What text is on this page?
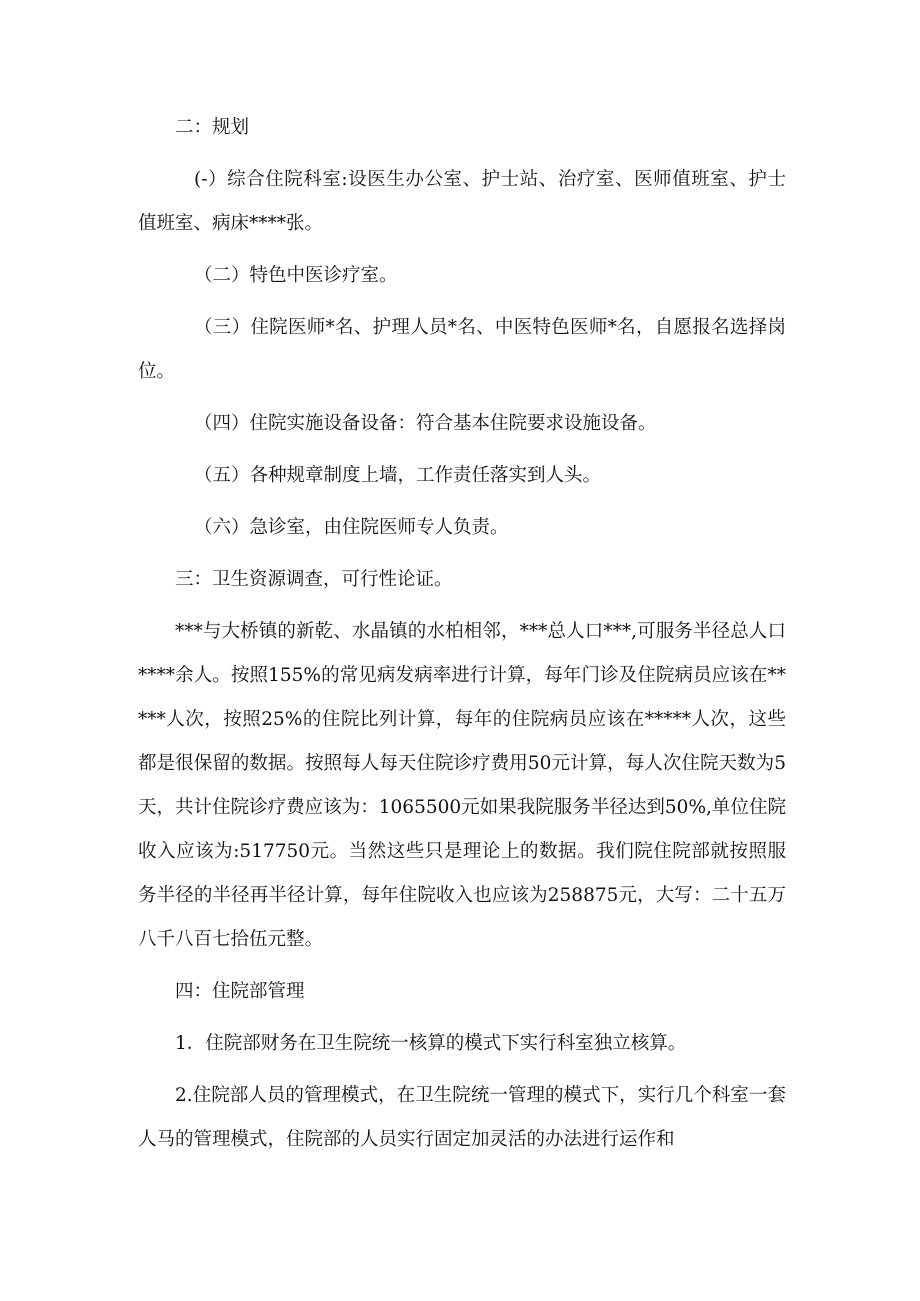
二：规划

(-）综合住院科室:设医生办公室、护士站、治疗室、医师值班室、护士值班室、病床****张。

（二）特色中医诊疗室。

（三）住院医师*名、护理人员*名、中医特色医师*名，自愿报名选择岗位。

（四）住院实施设备设备：符合基本住院要求设施设备。

（五）各种规章制度上墙，工作责任落实到人头。

（六）急诊室，由住院医师专人负责。

三：卫生资源调查，可行性论证。

***与大桥镇的新乾、水晶镇的水柏相邻，***总人口***,可服务半径总人口****余人。按照155%的常见病发病率进行计算，每年门诊及住院病员应该在*****人次，按照25%的住院比列计算，每年的住院病员应该在*****人次，这些都是很保留的数据。按照每人每天住院诊疗费用50元计算，每人次住院天数为5天，共计住院诊疗费应该为：1065500元如果我院服务半径达到50%,单位住院收入应该为:517750元。当然这些只是理论上的数据。我们院住院部就按照服务半径的半径再半径计算，每年住院收入也应该为258875元，大写：二十五万八千八百七拾伍元整。

四：住院部管理

1．住院部财务在卫生院统一核算的模式下实行科室独立核算。

2.住院部人员的管理模式，在卫生院统一管理的模式下，实行几个科室一套人马的管理模式，住院部的人员实行固定加灵活的办法进行运作和
